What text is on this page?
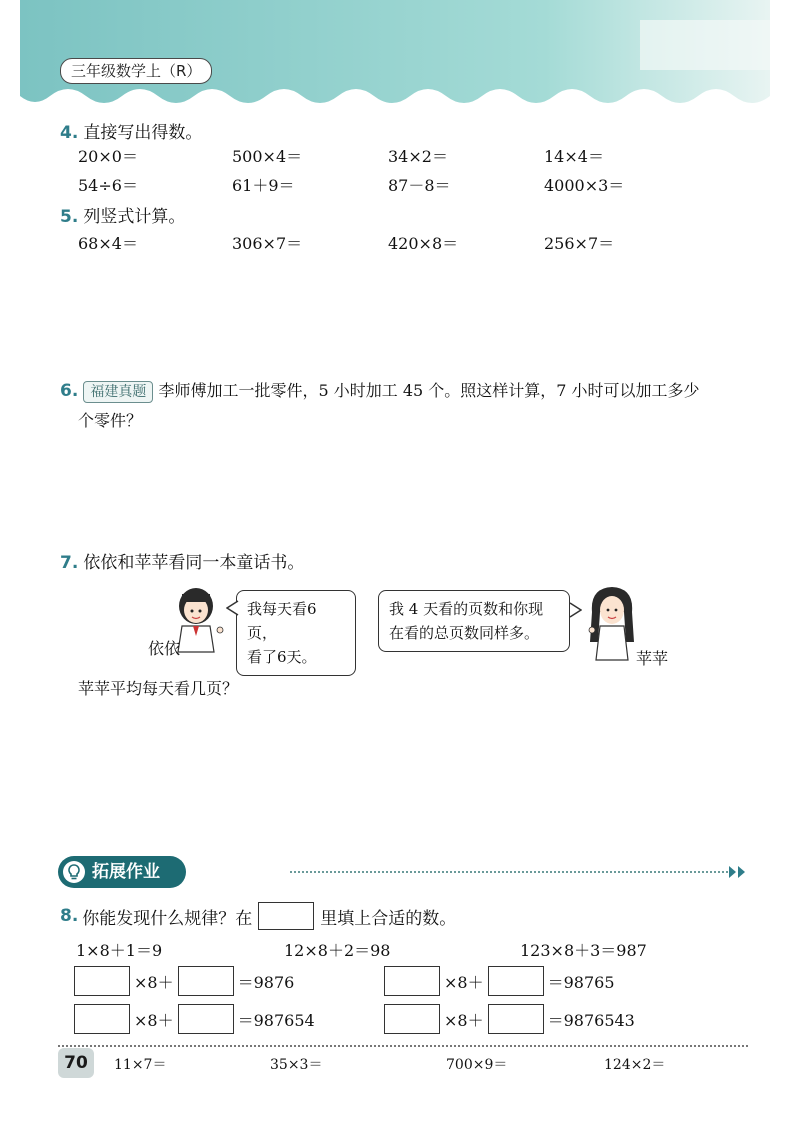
三年级数学上（R）
4. 直接写出得数。
20×0＝	500×4＝	34×2＝	14×4＝
54÷6＝	61＋9＝	87－8＝	4000×3＝
5. 列竖式计算。
68×4＝	306×7＝	420×8＝	256×7＝
6. 福建真题 李师傅加工一批零件，5 小时加工 45 个。照这样计算，7 小时可以加工多少
个零件？
7. 依依和苹苹看同一本童话书。
依依
我每天看6页，
看了6天。
我 4 天看的页数和你现
在看的总页数同样多。
苹苹
苹苹平均每天看几页？
拓展作业
8. 你能发现什么规律？在	里填上合适的数。
1×8＋1＝9	12×8＋2＝98	123×8＋3＝987
×8＋	＝9876	×8＋	＝98765
×8＋	＝987654	×8＋	＝9876543
70	11×7＝	35×3＝	700×9＝	124×2＝
